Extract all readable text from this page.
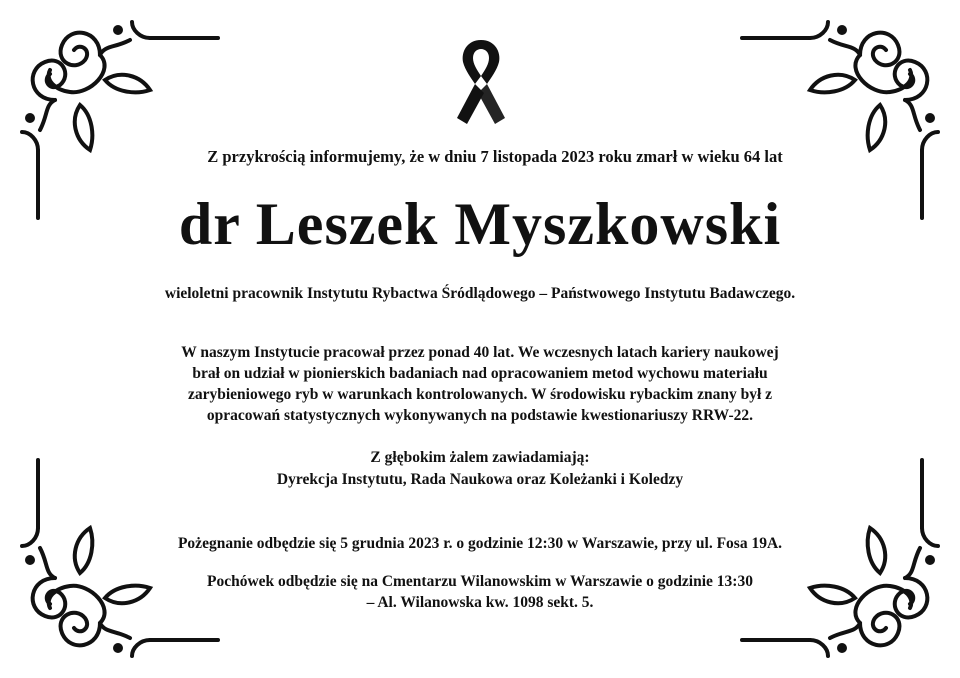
Z przykrością informujemy, że w dniu 7 listopada 2023 roku zmarł w wieku 64 lat
dr Leszek Myszkowski
wieloletni pracownik Instytutu Rybactwa Śródlądowego – Państwowego Instytutu Badawczego.
W naszym Instytucie pracował przez ponad 40 lat. We wczesnych latach kariery naukowej
brał on udział w pionierskich badaniach nad opracowaniem metod wychowu materiału
zarybieniowego ryb w warunkach kontrolowanych. W środowisku rybackim znany był z
opracowań statystycznych wykonywanych na podstawie kwestionariuszy RRW-22.
Z głębokim żalem zawiadamiają:
Dyrekcja Instytutu, Rada Naukowa oraz Koleżanki i Koledzy
Pożegnanie odbędzie się 5 grudnia 2023 r. o godzinie 12:30 w Warszawie, przy ul. Fosa 19A.
Pochówek odbędzie się na Cmentarzu Wilanowskim w Warszawie o godzinie 13:30
– Al. Wilanowska kw. 1098 sekt. 5.
